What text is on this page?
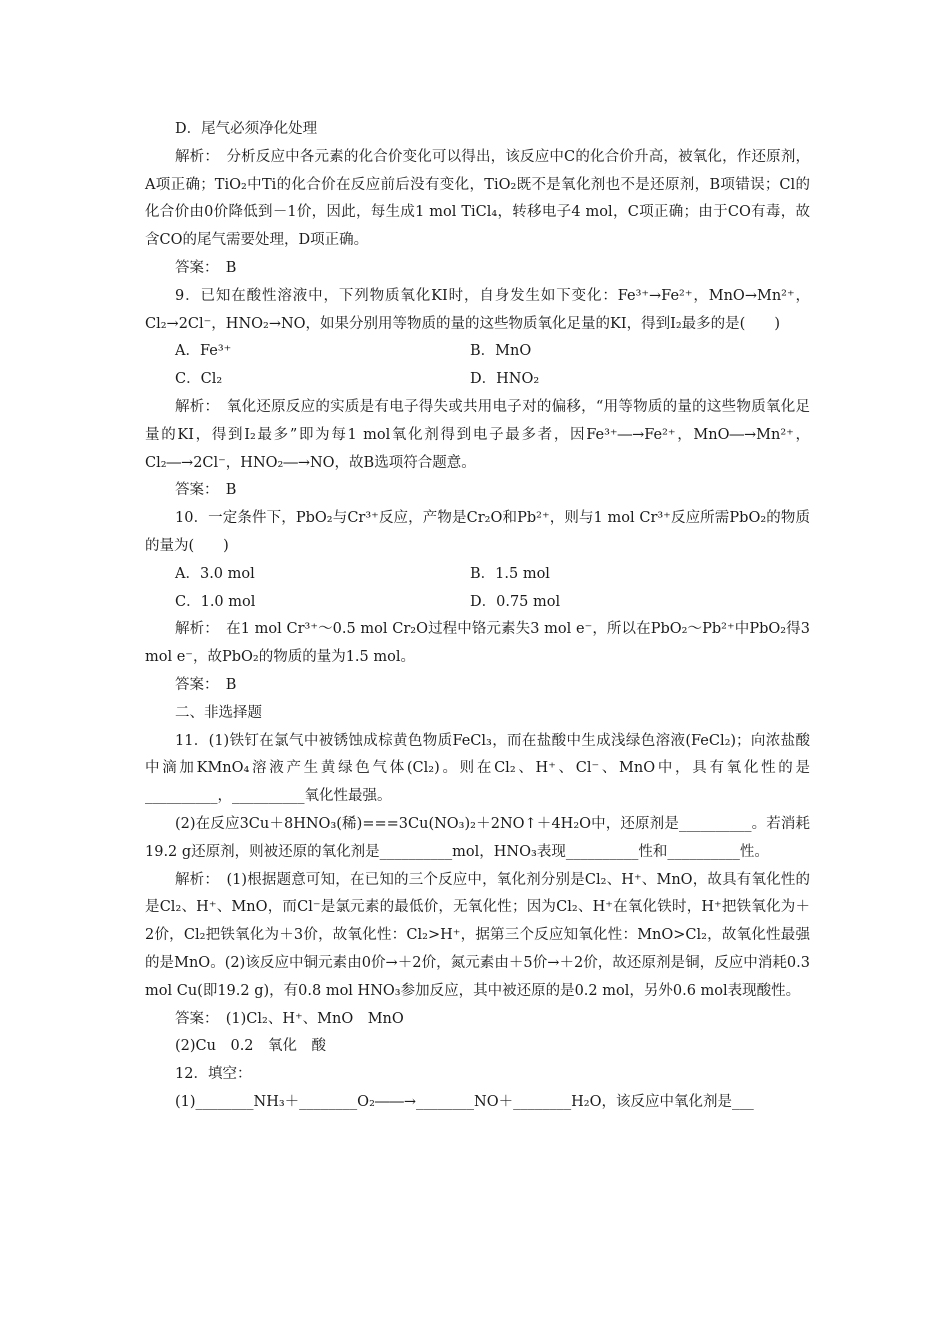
D．尾气必须净化处理

解析：　分析反应中各元素的化合价变化可以得出，该反应中C的化合价升高，被氧化，作还原剂，A项正确；TiO₂中Ti的化合价在反应前后没有变化，TiO₂既不是氧化剂也不是还原剂，B项错误；Cl的化合价由0价降低到－1价，因此，每生成1 mol TiCl₄，转移电子4 mol，C项正确；由于CO有毒，故含CO的尾气需要处理，D项正确。

答案：　B

9．已知在酸性溶液中，下列物质氧化KI时，自身发生如下变化：Fe³⁺→Fe²⁺，MnO→Mn²⁺，Cl₂→2Cl⁻，HNO₂→NO，如果分别用等物质的量的这些物质氧化足量的KI，得到I₂最多的是(　　)

A．Fe³⁺	B．MnO
C．Cl₂	D．HNO₂

解析：　氧化还原反应的实质是有电子得失或共用电子对的偏移，“用等物质的量的这些物质氧化足量的KI，得到I₂最多”即为每1 mol氧化剂得到电子最多者，因Fe³⁺―→Fe²⁺，MnO―→Mn²⁺，Cl₂―→2Cl⁻，HNO₂―→NO，故B选项符合题意。

答案：　B

10．一定条件下，PbO₂与Cr³⁺反应，产物是Cr₂O和Pb²⁺，则与1 mol Cr³⁺反应所需PbO₂的物质的量为(　　)

A．3.0 mol	B．1.5 mol
C．1.0 mol	D．0.75 mol

解析：　在1 mol Cr³⁺～0.5 mol Cr₂O过程中铬元素失3 mol e⁻，所以在PbO₂～Pb²⁺中PbO₂得3 mol e⁻，故PbO₂的物质的量为1.5 mol。

答案：　B

二、非选择题

11．(1)铁钉在氯气中被锈蚀成棕黄色物质FeCl₃，而在盐酸中生成浅绿色溶液(FeCl₂)；向浓盐酸中滴加KMnO₄溶液产生黄绿色气体(Cl₂)。则在Cl₂、H⁺、Cl⁻、MnO中，具有氧化性的是__________，__________氧化性最强。

(2)在反应3Cu＋8HNO₃(稀)===3Cu(NO₃)₂＋2NO↑＋4H₂O中，还原剂是__________。若消耗19.2 g还原剂，则被还原的氧化剂是__________mol，HNO₃表现__________性和__________性。

解析：　(1)根据题意可知，在已知的三个反应中，氧化剂分别是Cl₂、H⁺、MnO，故具有氧化性的是Cl₂、H⁺、MnO，而Cl⁻是氯元素的最低价，无氧化性；因为Cl₂、H⁺在氧化铁时，H⁺把铁氧化为＋2价，Cl₂把铁氧化为＋3价，故氧化性：Cl₂>H⁺，据第三个反应知氧化性：MnO>Cl₂，故氧化性最强的是MnO。(2)该反应中铜元素由0价→＋2价，氮元素由＋5价→＋2价，故还原剂是铜，反应中消耗0.3 mol Cu(即19.2 g)，有0.8 mol HNO₃参加反应，其中被还原的是0.2 mol，另外0.6 mol表现酸性。

答案：　(1)Cl₂、H⁺、MnO　MnO

(2)Cu　0.2　氧化　酸

12．填空：

(1)________NH₃＋________O₂――→________NO＋________H₂O，该反应中氧化剂是___
